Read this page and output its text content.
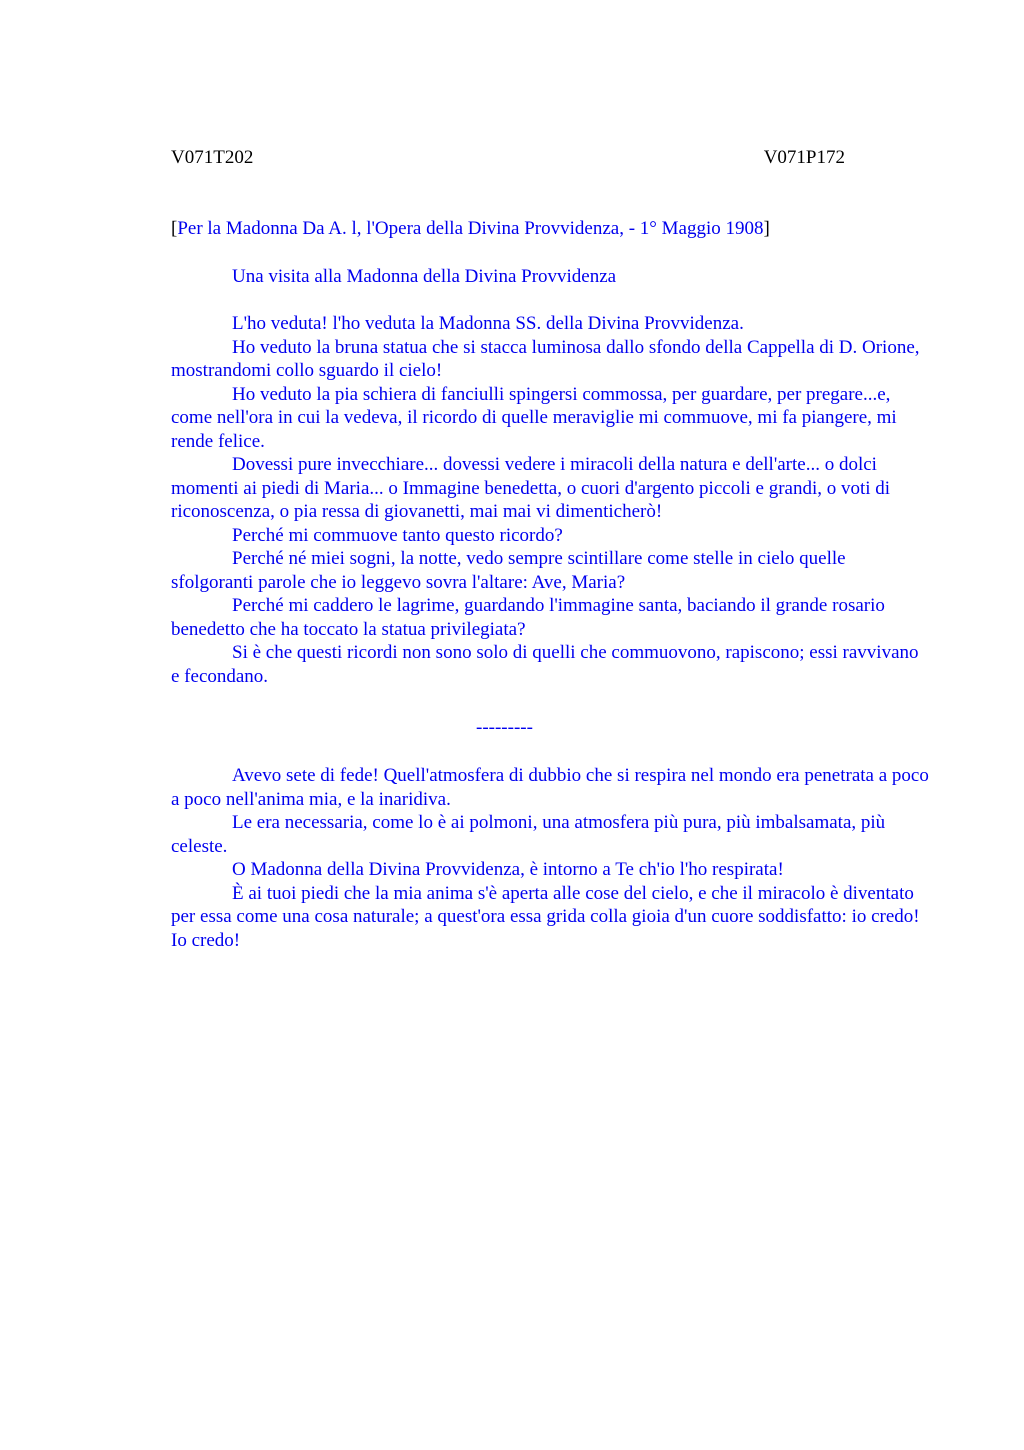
V071T202	V071P172
[Per la Madonna Da A. l, l'Opera della Divina Provvidenza, - 1° Maggio 1908]
Una visita alla Madonna della Divina Provvidenza

L'ho veduta! l'ho veduta la Madonna SS. della Divina Provvidenza.

Ho veduto la bruna statua che si stacca luminosa dallo sfondo della Cappella di D. Orione, mostrandomi collo sguardo il cielo!

Ho veduto la pia schiera di fanciulli spingersi commossa, per guardare, per pregare...e, come nell'ora in cui la vedeva, il ricordo di quelle meraviglie mi commuove, mi fa piangere, mi rende felice.

Dovessi pure invecchiare... dovessi vedere i miracoli della natura e dell'arte... o dolci momenti ai piedi di Maria... o Immagine benedetta, o cuori d'argento piccoli e grandi, o voti di riconoscenza, o pia ressa di giovanetti, mai mai vi dimenticherò!

Perché mi commuove tanto questo ricordo?

Perché né miei sogni, la notte, vedo sempre scintillare come stelle in cielo quelle sfolgoranti parole che io leggevo sovra l'altare: Ave, Maria?

Perché mi caddero le lagrime, guardando l'immagine santa, baciando il grande rosario benedetto che ha toccato la statua privilegiata?

Si è che questi ricordi non sono solo di quelli che commuovono, rapiscono; essi ravvivano e fecondano.

---------

Avevo sete di fede! Quell'atmosfera di dubbio che si respira nel mondo era penetrata a poco a poco nell'anima mia, e la inaridiva.

Le era necessaria, come lo è ai polmoni, una atmosfera più pura, più imbalsamata, più celeste.

O Madonna della Divina Provvidenza, è intorno a Te ch'io l'ho respirata!

È ai tuoi piedi che la mia anima s'è aperta alle cose del cielo, e che il miracolo è diventato per essa come una cosa naturale; a quest'ora essa grida colla gioia d'un cuore soddisfatto: io credo! Io credo!
